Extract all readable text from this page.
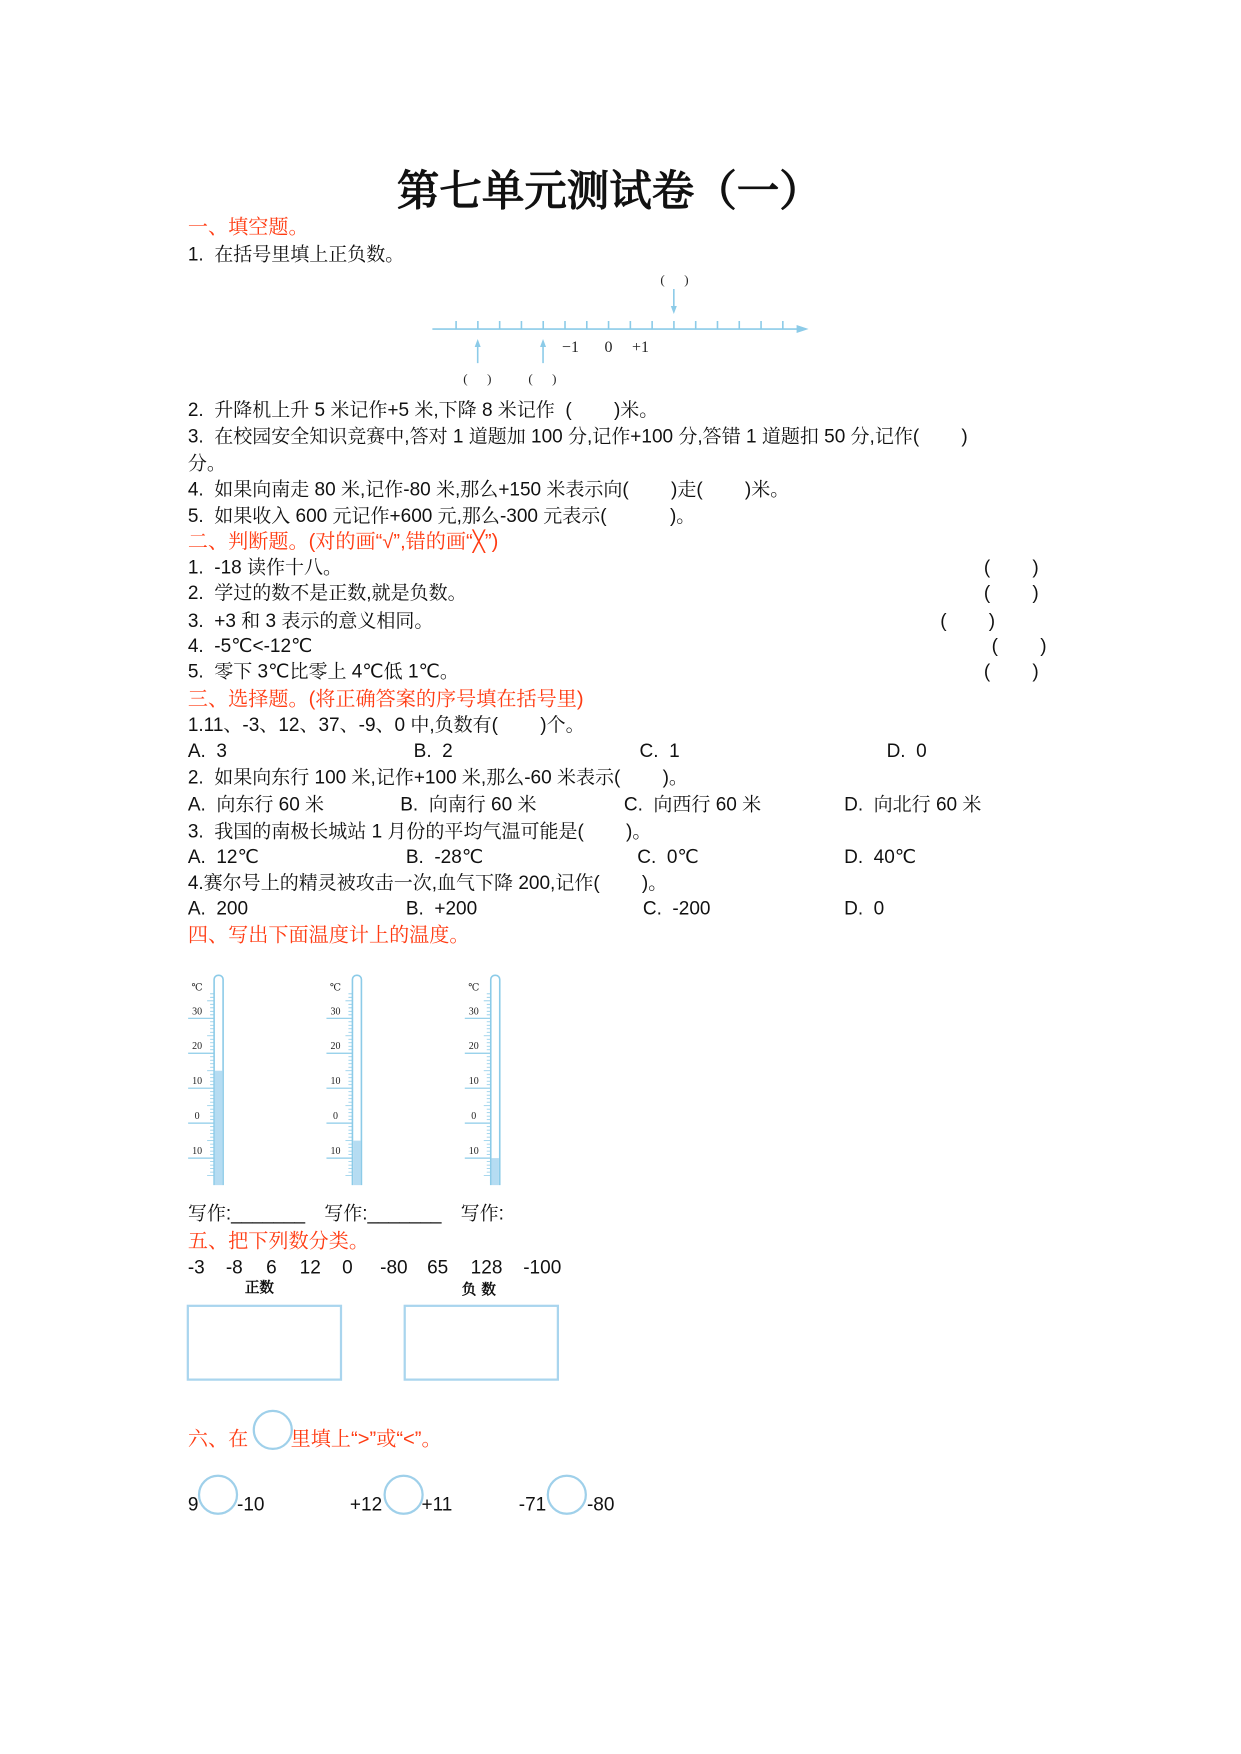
第七单元测试卷（一）
一、填空题。
1.  在括号里填上正负数。
−1 0 +1
(      )
(      )	(      )
2.  升降机上升 5 米记作+5 米,下降 8 米记作  (        )米。
3.  在校园安全知识竞赛中,答对 1 道题加 100 分,记作+100 分,答错 1 道题扣 50 分,记作(        )
分。
4.  如果向南走 80 米,记作-80 米,那么+150 米表示向(        )走(        )米。
5.  如果收入 600 元记作+600 元,那么-300 元表示(            )。
二、判断题。(对的画“√”,错的画“╳”)
1.  -18 读作十八。	(        )
2.  学过的数不是正数,就是负数。	(        )
3.  +3 和 3 表示的意义相同。	(        )
4.  -5℃<-12℃	(        )
5.  零下 3℃比零上 4℃低 1℃。	(        )
三、选择题。(将正确答案的序号填在括号里)
1.11、-3、12、37、-9、0 中,负数有(        )个。
A.  3	B.  2	C.  1	D.  0
2.  如果向东行 100 米,记作+100 米,那么-60 米表示(        )。
A.  向东行 60 米	B.  向南行 60 米	C.  向西行 60 米	D.  向北行 60 米
3.  我国的南极长城站 1 月份的平均气温可能是(        )。
A.  12℃	B.  -28℃	C.  0℃	D.  40℃
4.赛尔号上的精灵被攻击一次,血气下降 200,记作(        )。
A.  200	B.  +200	C.  -200	D.  0
四、写出下面温度计上的温度。
℃
30
20
10
0
10
℃
30
20
10
0
10
℃
30
20
10
0
10
写作:_______ 写作:_______ 写作:
五、把下列数分类。
-3 -8 6 12 0 -80 65 128 -100
正数	负 数
六、在 里填上“>”或“<”。
9 -10	+12 +11	-71 -80
